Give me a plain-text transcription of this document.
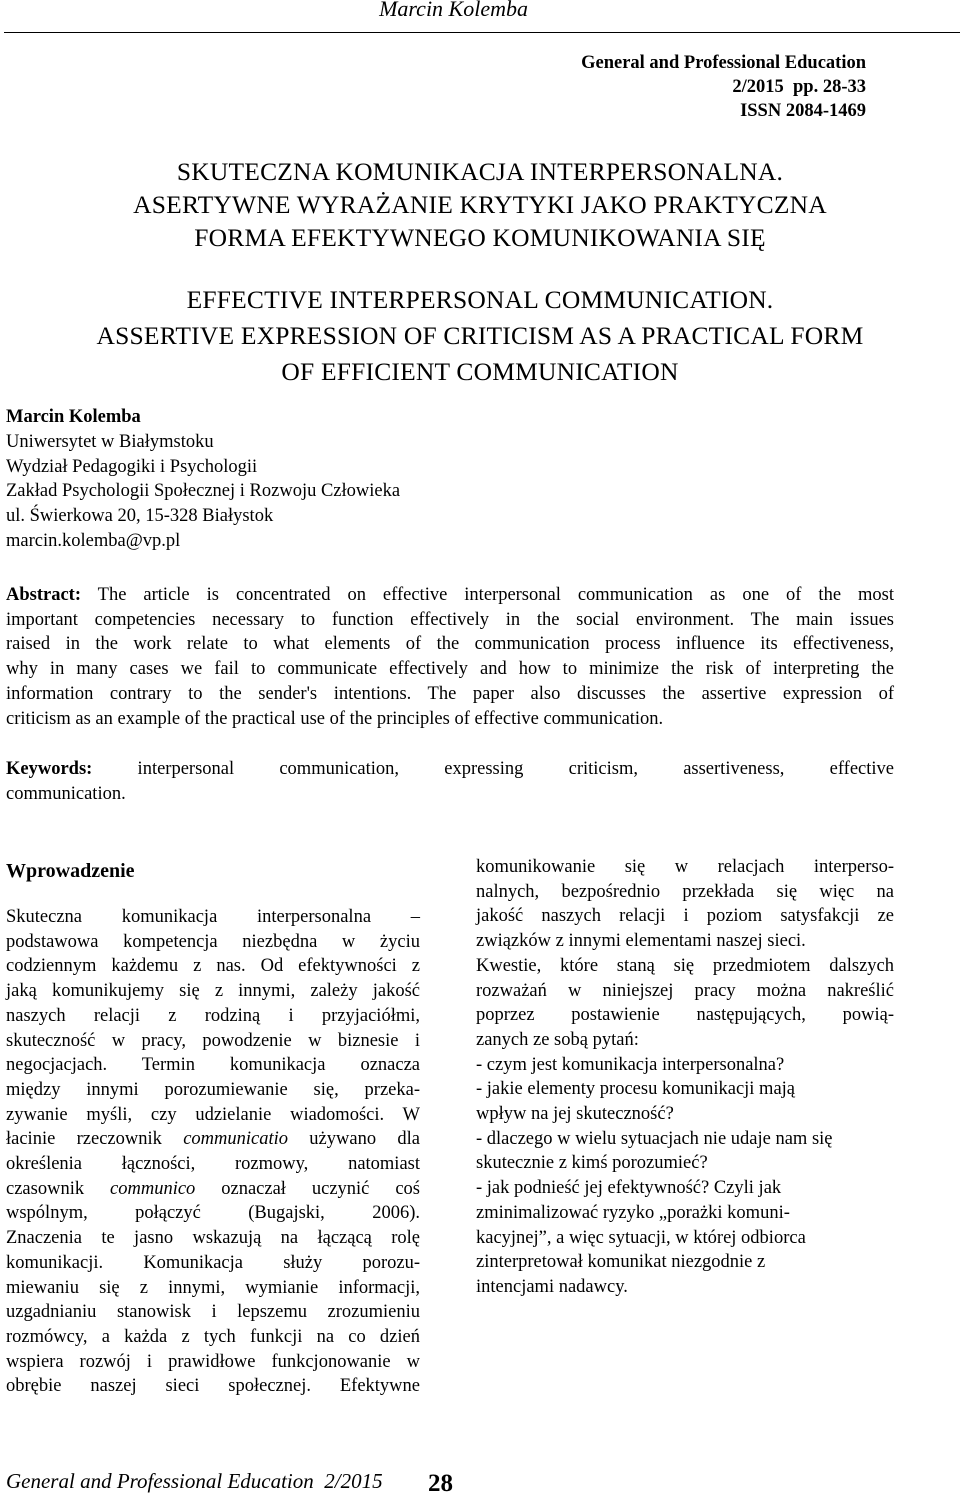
Marcin Kolemba
General and Professional Education
2/2015  pp. 28-33
ISSN 2084-1469
SKUTECZNA KOMUNIKACJA INTERPERSONALNA.
ASERTYWNE WYRAŻANIE KRYTYKI JAKO PRAKTYCZNA
FORMA EFEKTYWNEGO KOMUNIKOWANIA SIĘ
EFFECTIVE INTERPERSONAL COMMUNICATION.
ASSERTIVE EXPRESSION OF CRITICISM AS A PRACTICAL FORM
OF EFFICIENT COMMUNICATION
Marcin Kolemba
Uniwersytet w Białymstoku
Wydział Pedagogiki i Psychologii
Zakład Psychologii Społecznej i Rozwoju Człowieka
ul. Świerkowa 20, 15-328 Białystok
marcin.kolemba@vp.pl
Abstract: The article is concentrated on effective interpersonal communication as one of the most
important competencies necessary to function effectively in the social environment. The main issues
raised in the work relate to what elements of the communication process influence its effectiveness,
why in many cases we fail to communicate effectively and how to minimize the risk of interpreting the
information contrary to the sender's intentions. The paper also discusses the assertive expression of
criticism as an example of the practical use of the principles of effective communication.
Keywords: interpersonal communication, expressing criticism, assertiveness, effective
communication.
Wprowadzenie
Skuteczna komunikacja interpersonalna –
podstawowa kompetencja niezbędna w życiu
codziennym każdemu z nas. Od efektywności z
jaką komunikujemy się z innymi, zależy jakość
naszych relacji z rodziną i przyjaciółmi,
skuteczność w pracy, powodzenie w biznesie i
negocjacjach. Termin komunikacja oznacza
między innymi porozumiewanie się, przeka-
zywanie myśli, czy udzielanie wiadomości. W
łacinie rzeczownik communicatio używano dla
określenia łączności, rozmowy, natomiast
czasownik communico oznaczał uczynić coś
wspólnym, połączyć (Bugajski, 2006).
Znaczenia te jasno wskazują na łączącą rolę
komunikacji. Komunikacja służy porozu-
miewaniu się z innymi, wymianie informacji,
uzgadnianiu stanowisk i lepszemu zrozumieniu
rozmówcy, a każda z tych funkcji na co dzień
wspiera rozwój i prawidłowe funkcjonowanie w
obrębie naszej sieci społecznej. Efektywne
komunikowanie się w relacjach interperso-
nalnych, bezpośrednio przekłada się więc na
jakość naszych relacji i poziom satysfakcji ze
związków z innymi elementami naszej sieci.
Kwestie, które staną się przedmiotem dalszych
rozważań w niniejszej pracy można nakreślić
poprzez postawienie następujących, powią-
zanych ze sobą pytań:
- czym jest komunikacja interpersonalna?
- jakie elementy procesu komunikacji mają
wpływ na jej skuteczność?
- dlaczego w wielu sytuacjach nie udaje nam się
skutecznie z kimś porozumieć?
- jak podnieść jej efektywność? Czyli jak
zminimalizować ryzyko „porażki komuni-
kacyjnej”, a więc sytuacji, w której odbiorca
zinterpretował komunikat niezgodnie z
intencjami nadawcy.
General and Professional Education  2/2015 28
